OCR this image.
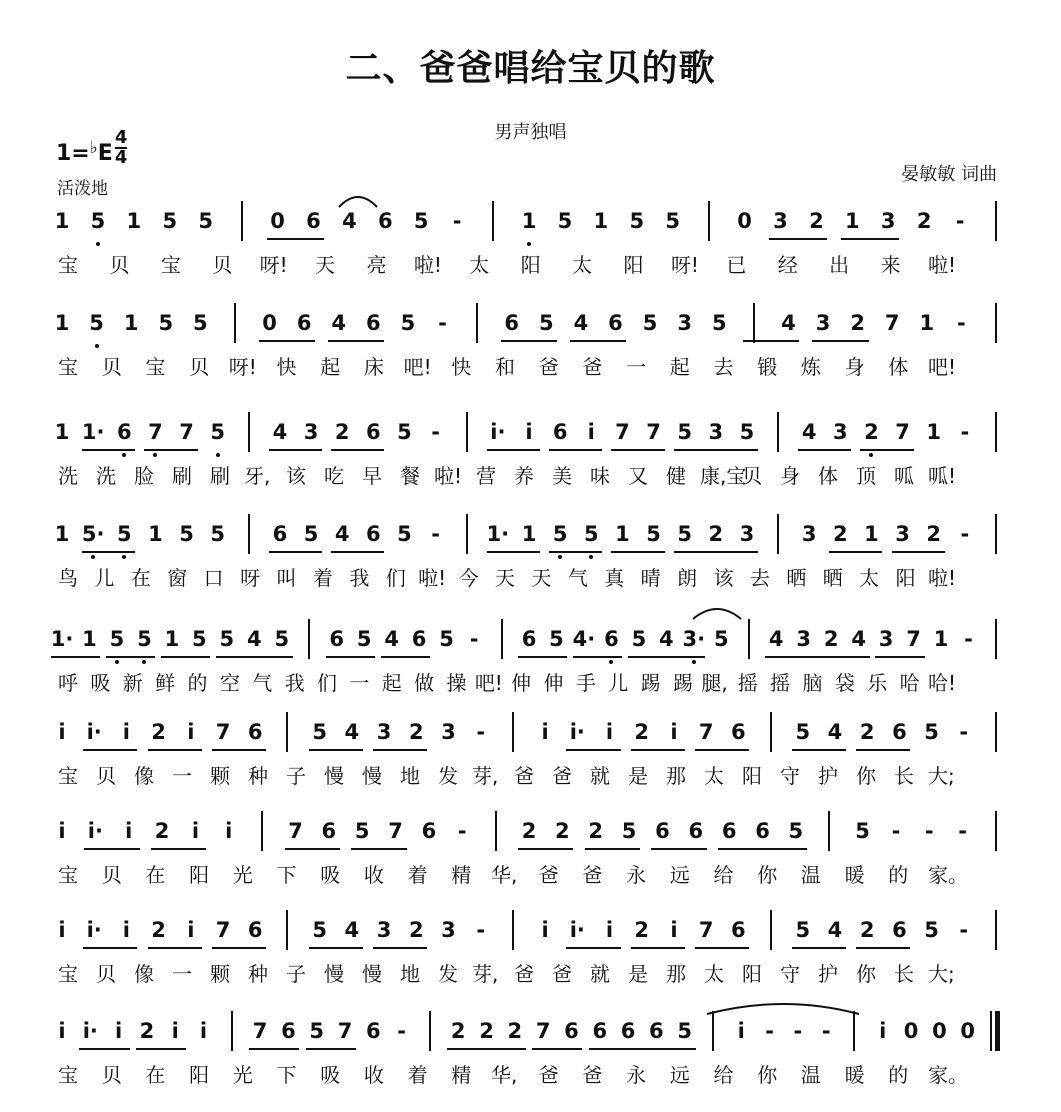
二、爸爸唱给宝贝的歌
男声独唱
$1=^♭E \frac{4}{4}$
活泼地
晏敏敏 词曲
1 5 1 5 5	0 6 4 6 5	-	1 5 1 5 5	0 3 2 1 3 2	-
宝 贝 宝 贝 呀!	天 亮 啦!	太 阳 太 阳 呀!	已 经 出 来 啦!
1 5 1 5 5	0 6 4 6 5	-	6 5 4 6 5 3 5	4 3 2 7 1	-
宝 贝 宝 贝 呀! 快 起 床 吧! 快 和 爸 爸 一 起 去 锻 炼 身 体 吧!
1 1· 6 7 7 5 4 3 2 6 5 -	i· i 6 i 7 7 5 3 5 4 3 2 7 1 -
洗 洗 脸 刷 刷 牙, 该 吃 早 餐 啦! 营 养 美 味 又 健 康,宝
贝 身 体 顶 呱 呱!
1 5· 5 1 5 5 6 5 4 6 5 -	1· 1 5 5 1 5 5 2 3 3 2 1 3 2 -
鸟 儿 在 窗 口 呀 叫 着 我 们 啦! 今 天 天 气 真 晴 朗 该 去 晒 晒 太 阳 啦!
1· 1 5 5 1 5 5 4 5 6 5 4 6 5 -	6 5 4· 6 5 4 3· 5 4 3 2 4 3 7 1 -
呼 吸 新 鲜 的 空 气 我 们 一 起 做 操 吧! 伸 伸 手 儿 踢 踢 腿, 摇 摇 脑 袋 乐 哈 哈!
i	i·	i	2	i	7 6 5 4 3 2 3 -	i	i·	i	2	i	7 6 5 4 2 6 5 -
宝 贝 像 一 颗 种 子 慢 慢 地 发 芽, 爸 爸 就 是 那 太 阳 守 护 你 长 大;
i	i·	i	2	i	i	7 6 5 7 6	-	2 2 2 5 6 6 6 6 5 5	-	-	-
宝 贝 在 阳 光 下 吸 收 着 精 华,	爸 爸 永 远 给 你 温 暖 的 家。
i	i·	i	2	i	7 6 5 4 3 2 3 -	i	i·	i	2	i	7 6 5 4 2 6 5 -
宝 贝 像 一 颗 种 子 慢 慢 地 发 芽, 爸 爸 就 是 那 太 阳 守 护 你 长 大;
i i· i 2 i	i	7 6 5 7 6 -	2 2 2 7 6 6 6 6 5	i - - -	i 0 0 0
宝 贝 在 阳 光 下 吸 收 着 精 华,	爸 爸 永 远 给 你 温 暖 的 家。
